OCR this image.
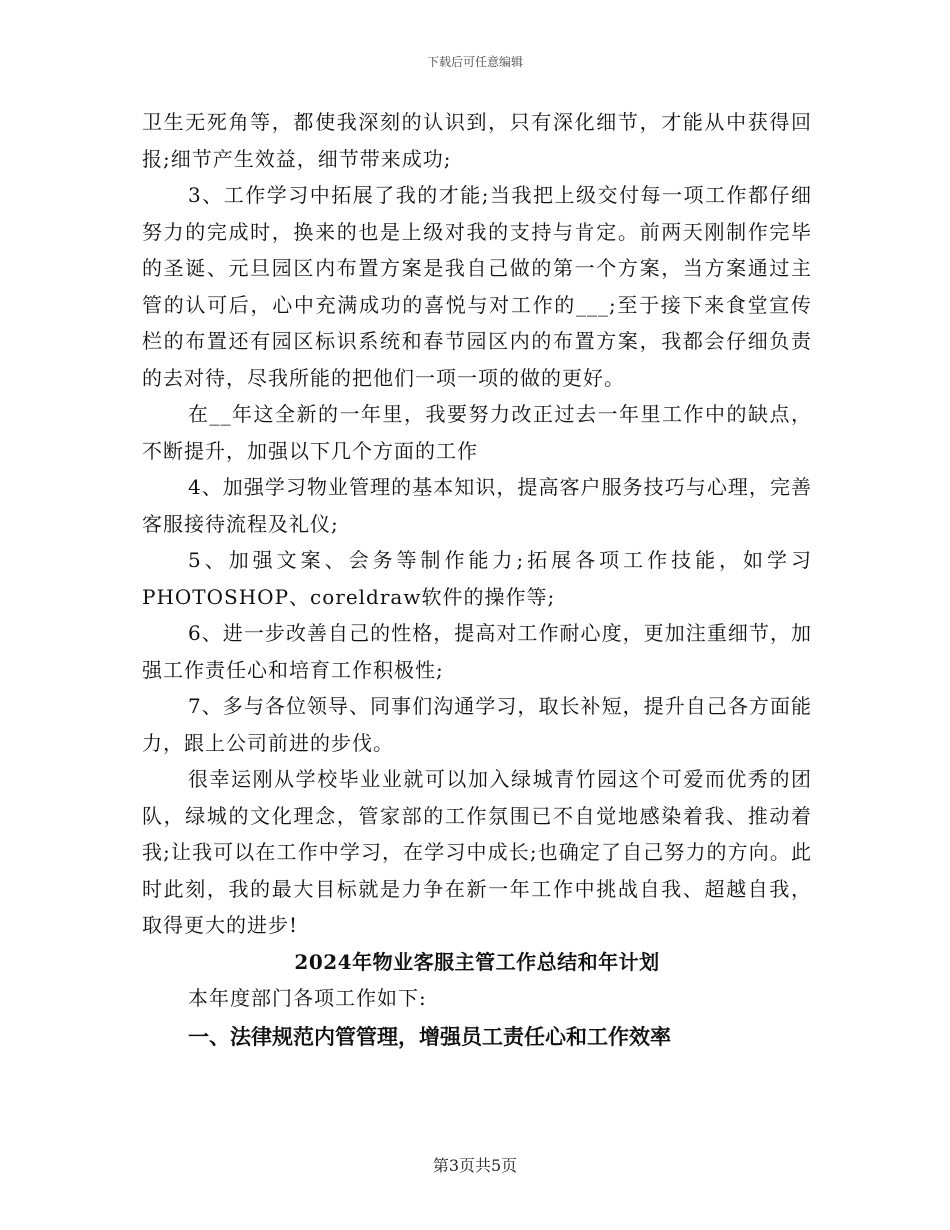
下载后可任意编辑

卫生无死角等，都使我深刻的认识到，只有深化细节，才能从中获得回报;细节产生效益，细节带来成功;

3、工作学习中拓展了我的才能;当我把上级交付每一项工作都仔细努力的完成时，换来的也是上级对我的支持与肯定。前两天刚制作完毕的圣诞、元旦园区内布置方案是我自己做的第一个方案，当方案通过主管的认可后，心中充满成功的喜悦与对工作的___;至于接下来食堂宣传栏的布置还有园区标识系统和春节园区内的布置方案，我都会仔细负责的去对待，尽我所能的把他们一项一项的做的更好。

在__年这全新的一年里，我要努力改正过去一年里工作中的缺点，不断提升，加强以下几个方面的工作

4、加强学习物业管理的基本知识，提高客户服务技巧与心理，完善客服接待流程及礼仪;

5、加强文案、会务等制作能力;拓展各项工作技能，如学习PHOTOSHOP、coreldraw软件的操作等;

6、进一步改善自己的性格，提高对工作耐心度，更加注重细节，加强工作责任心和培育工作积极性;

7、多与各位领导、同事们沟通学习，取长补短，提升自己各方面能力，跟上公司前进的步伐。

很幸运刚从学校毕业业就可以加入绿城青竹园这个可爱而优秀的团队，绿城的文化理念，管家部的工作氛围已不自觉地感染着我、推动着我;让我可以在工作中学习，在学习中成长;也确定了自己努力的方向。此时此刻，我的最大目标就是力争在新一年工作中挑战自我、超越自我，取得更大的进步!

2024年物业客服主管工作总结和年计划

本年度部门各项工作如下:

一、法律规范内管管理，增强员工责任心和工作效率

第3页共5页
